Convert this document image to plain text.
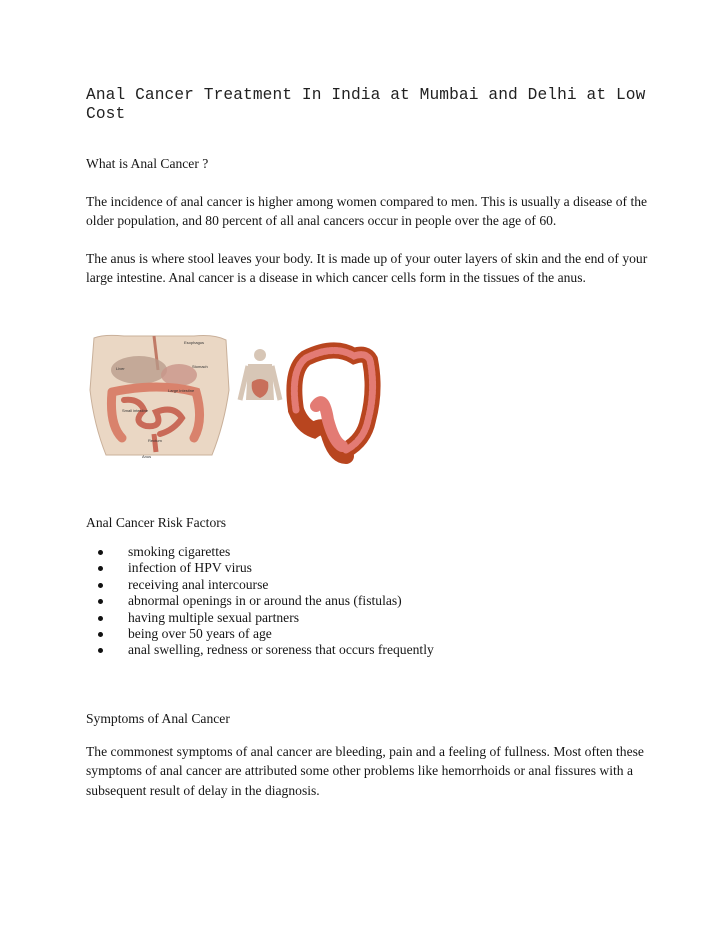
Anal Cancer Treatment In India at Mumbai and Delhi at Low Cost
What is Anal Cancer ?
The incidence of anal cancer is higher among women compared to men. This is usually a disease of the older population, and 80 percent of all anal cancers occur in people over the age of 60.
The anus is where stool leaves your body. It is made up of your outer layers of skin and the end of your large intestine. Anal cancer is a disease in which cancer cells form in the tissues of the anus.
Esophagus
Liver	Stomach
Large intestine
Small intestine
Rectum
Anus
Anal Cancer Risk Factors
smoking cigarettes
infection of HPV virus
receiving anal intercourse
abnormal openings in or around the anus (fistulas)
having multiple sexual partners
being over 50 years of age
anal swelling, redness or soreness that occurs frequently
Symptoms of Anal Cancer
The commonest symptoms of anal cancer are bleeding, pain and a feeling of fullness. Most often these symptoms of anal cancer are attributed some other problems like hemorrhoids or anal fissures with a subsequent result of delay in the diagnosis.
